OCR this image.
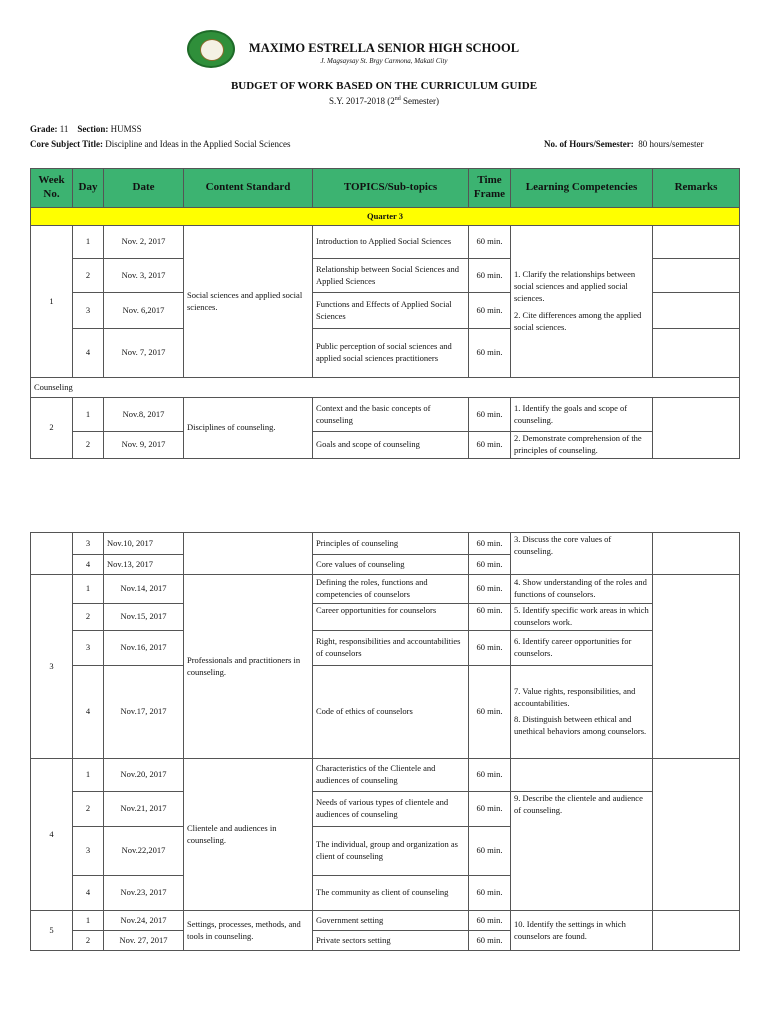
MAXIMO ESTRELLA SENIOR HIGH SCHOOL
J. Magsaysay St. Brgy Carmona, Makati City
BUDGET OF WORK BASED ON THE CURRICULUM GUIDE
S.Y. 2017-2018 (2nd Semester)
Grade: 11 Section: HUMSS
Core Subject Title: Discipline and Ideas in the Applied Social Sciences	No. of Hours/Semester: 80 hours/semester
Week No.	Day	Date	Content Standard	TOPICS/Sub-topics	Time Frame	Learning Competencies	Remarks
Quarter 3							
1	1	Nov. 2, 2017	Social sciences and applied social sciences.	Introduction to Applied Social Sciences	60 min.	1. Clarify the relationships between social sciences and applied social sciences.
2. Cite differences among the applied social sciences.	

	2	Nov. 3, 2017		Relationship between Social Sciences and Applied Sciences	60 min.		
	3	Nov. 6,2017		Functions and Effects of Applied Social Sciences	60 min.		
	4	Nov. 7, 2017		Public perception of social sciences and applied social sciences practitioners	60 min.		
Counseling							
2	1	Nov.8, 2017	Disciplines of counseling.	Context and the basic concepts of counseling	60 min.	1. Identify the goals and scope of counseling.	
	2	Nov. 9, 2017		Goals and scope of counseling	60 min.	2. Demonstrate comprehension of the principles of counseling.	
	3	Nov.10, 2017		Principles of counseling	60 min.	3. Discuss the core values of counseling.	
	4	Nov.13, 2017		Core values of counseling	60 min.		
3	1	Nov.14, 2017	Professionals and practitioners in counseling.	Defining the roles, functions and competencies of counselors	60 min.	4. Show understanding of the roles and functions of counselors.	
	2	Nov.15, 2017		Career opportunities for counselors	60 min.	5. Identify specific work areas in which counselors work.	
	3	Nov.16, 2017		Right, responsibilities and accountabilities of counselors	60 min.	6. Identify career opportunities for counselors.	
	4	Nov.17, 2017		Code of ethics of counselors	60 min.	7. Value rights, responsibilities, and accountabilities.
8. Distinguish between ethical and unethical behaviors among counselors.	

4	1	Nov.20, 2017	Clientele and audiences in counseling.	Characteristics of the Clientele and audiences of counseling	60 min.		
	2	Nov.21, 2017		Needs of various types of clientele and audiences of counseling	60 min.	9. Describe the clientele and audience of counseling.	
	3	Nov.22,2017		The individual, group and organization as client of counseling	60 min.		
	4	Nov.23, 2017		The community as client of counseling	60 min.		
5	1	Nov.24, 2017	Settings, processes, methods, and tools in counseling.	Government setting	60 min.	10. Identify the settings in which counselors are found.	
	2	Nov. 27, 2017		Private sectors setting	60 min.		
